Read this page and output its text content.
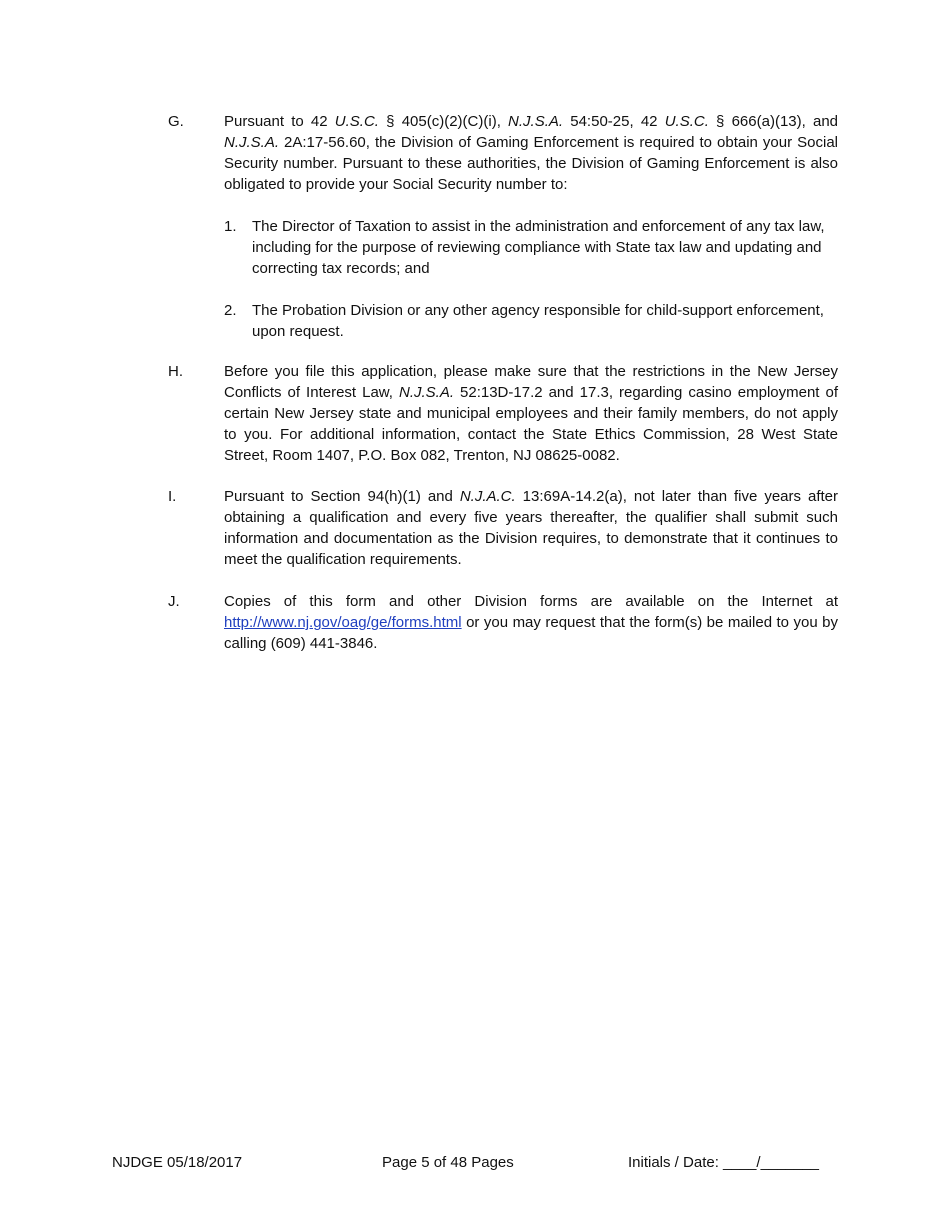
G.	Pursuant to 42 U.S.C. § 405(c)(2)(C)(i), N.J.S.A. 54:50-25, 42 U.S.C. § 666(a)(13), and N.J.S.A. 2A:17-56.60, the Division of Gaming Enforcement is required to obtain your Social Security number. Pursuant to these authorities, the Division of Gaming Enforcement is also obligated to provide your Social Security number to:

1. The Director of Taxation to assist in the administration and enforcement of any tax law, including for the purpose of reviewing compliance with State tax law and updating and correcting tax records; and
2. The Probation Division or any other agency responsible for child-support enforcement, upon request.
H.	Before you file this application, please make sure that the restrictions in the New Jersey Conflicts of Interest Law, N.J.S.A. 52:13D-17.2 and 17.3, regarding casino employment of certain New Jersey state and municipal employees and their family members, do not apply to you. For additional information, contact the State Ethics Commission, 28 West State Street, Room 1407, P.O. Box 082, Trenton, NJ 08625-0082.

I.	Pursuant to Section 94(h)(1) and N.J.A.C. 13:69A-14.2(a), not later than five years after obtaining a qualification and every five years thereafter, the qualifier shall submit such information and documentation as the Division requires, to demonstrate that it continues to meet the qualification requirements.

J.	Copies of this form and other Division forms are available on the Internet at http://www.nj.gov/oag/ge/forms.html or you may request that the form(s) be mailed to you by calling (609) 441-3846.

NJDGE 05/18/2017	Page 5 of 48 Pages	Initials / Date: ____/_______
